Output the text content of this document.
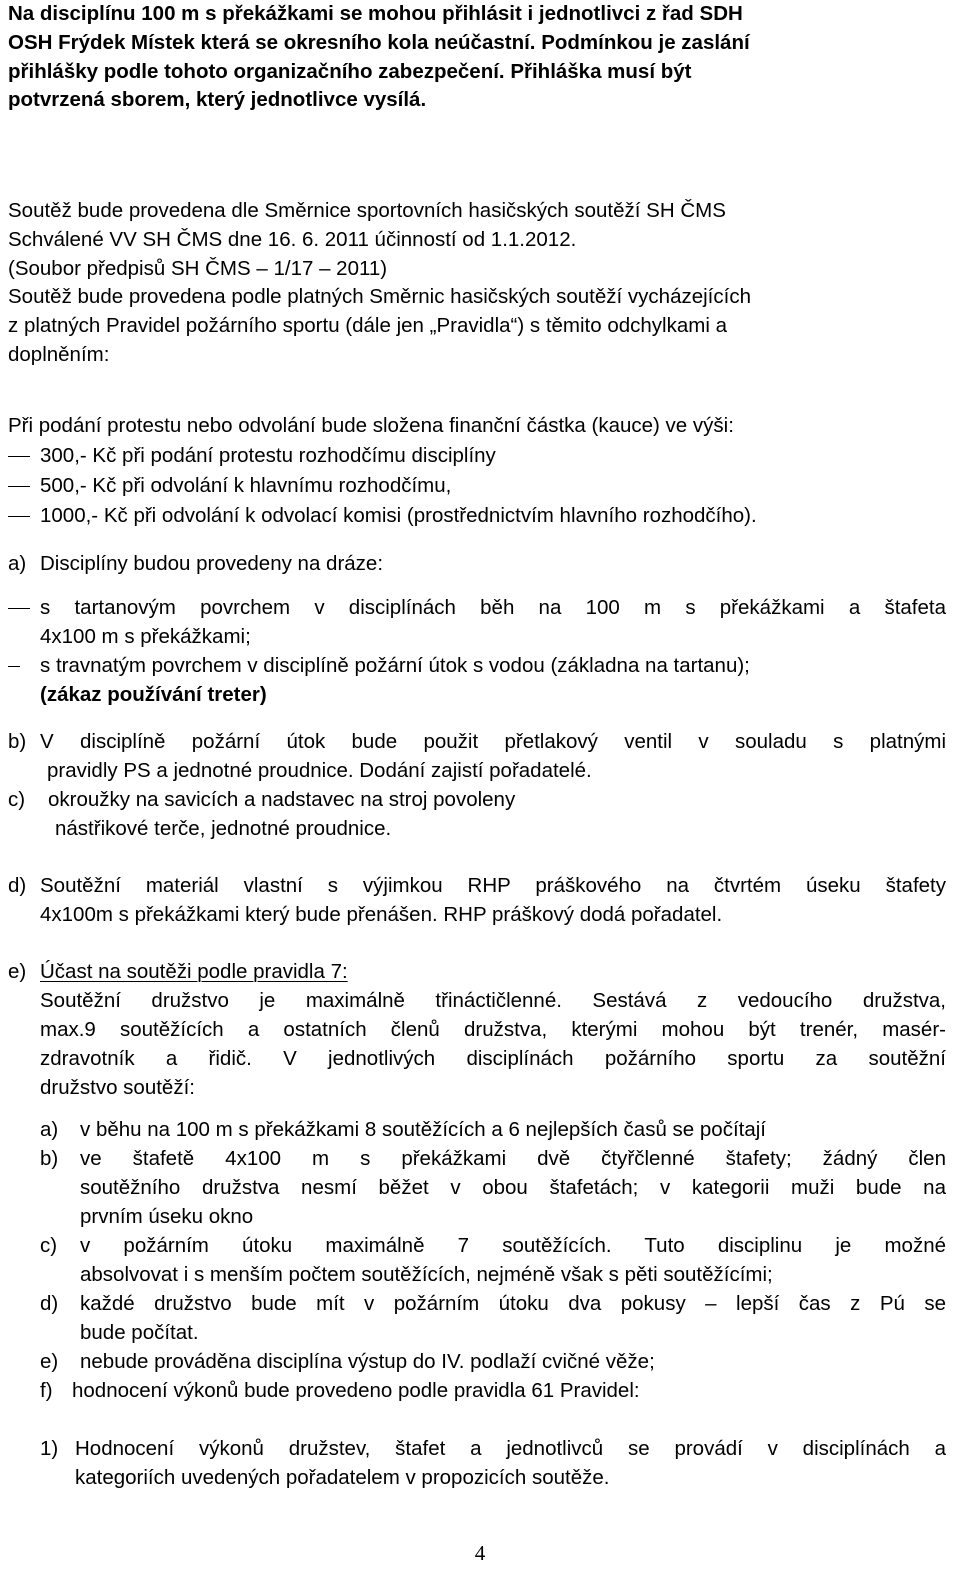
Na disciplínu 100 m s překážkami se mohou přihlásit i jednotlivci z řad SDH
OSH Frýdek Místek která se okresního kola neúčastní. Podmínkou je zaslání
přihlášky podle tohoto organizačního zabezpečení. Přihláška musí být
potvrzená sborem, který jednotlivce vysílá.
Soutěž bude provedena dle Směrnice sportovních hasičských soutěží SH ČMS
Schválené VV SH ČMS dne 16. 6. 2011 účinností od 1.1.2012.
(Soubor předpisů SH ČMS – 1/17 – 2011)
Soutěž bude provedena podle platných Směrnic hasičských soutěží vycházejících
z platných Pravidel požárního sportu (dále jen „Pravidla“) s těmito odchylkami a
doplněním:
Při podání protestu nebo odvolání bude složena finanční částka (kauce) ve výši:
300,- Kč při podání protestu rozhodčímu disciplíny
500,- Kč při odvolání k hlavnímu rozhodčímu,
1000,- Kč při odvolání k odvolací komisi (prostřednictvím hlavního rozhodčího).
a) Disciplíny budou provedeny na dráze:
s tartanovým povrchem v disciplínách běh na 100 m s překážkami a štafeta
4x100 m s překážkami;
s travnatým povrchem v disciplíně požární útok s vodou (základna na tartanu);
(zákaz používání treter)
b) V disciplíně požární útok bude použit přetlakový ventil v souladu s platnými
pravidly PS a jednotné proudnice. Dodání zajistí pořadatelé.
c) okroužky na savicích a nadstavec na stroj povoleny
nástřikové terče, jednotné proudnice.
d) Soutěžní materiál vlastní s výjimkou RHP práškového na čtvrtém úseku štafety
4x100m s překážkami který bude přenášen. RHP práškový dodá pořadatel.
e) Účast na soutěži podle pravidla 7:
Soutěžní družstvo je maximálně třináctičlenné. Sestává z vedoucího družstva,
max.9 soutěžících a ostatních členů družstva, kterými mohou být trenér, masér-
zdravotník a řidič. V jednotlivých disciplínách požárního sportu za soutěžní
družstvo soutěží:
a) v běhu na 100 m s překážkami 8 soutěžících a 6 nejlepších časů se počítají
b) ve štafetě 4x100 m s překážkami dvě čtyřčlenné štafety; žádný člen
soutěžního družstva nesmí běžet v obou štafetách; v kategorii muži bude na
prvním úseku okno
c) v požárním útoku maximálně 7 soutěžících. Tuto disciplinu je možné
absolvovat i s menším počtem soutěžících, nejméně však s pěti soutěžícími;
d) každé družstvo bude mít v požárním útoku dva pokusy – lepší čas z Pú se
bude počítat.
e) nebude prováděna disciplína výstup do IV. podlaží cvičné věže;
f) hodnocení výkonů bude provedeno podle pravidla 61 Pravidel:
1) Hodnocení výkonů družstev, štafet a jednotlivců se provádí v disciplínách a
kategoriích uvedených pořadatelem v propozicích soutěže.
4
